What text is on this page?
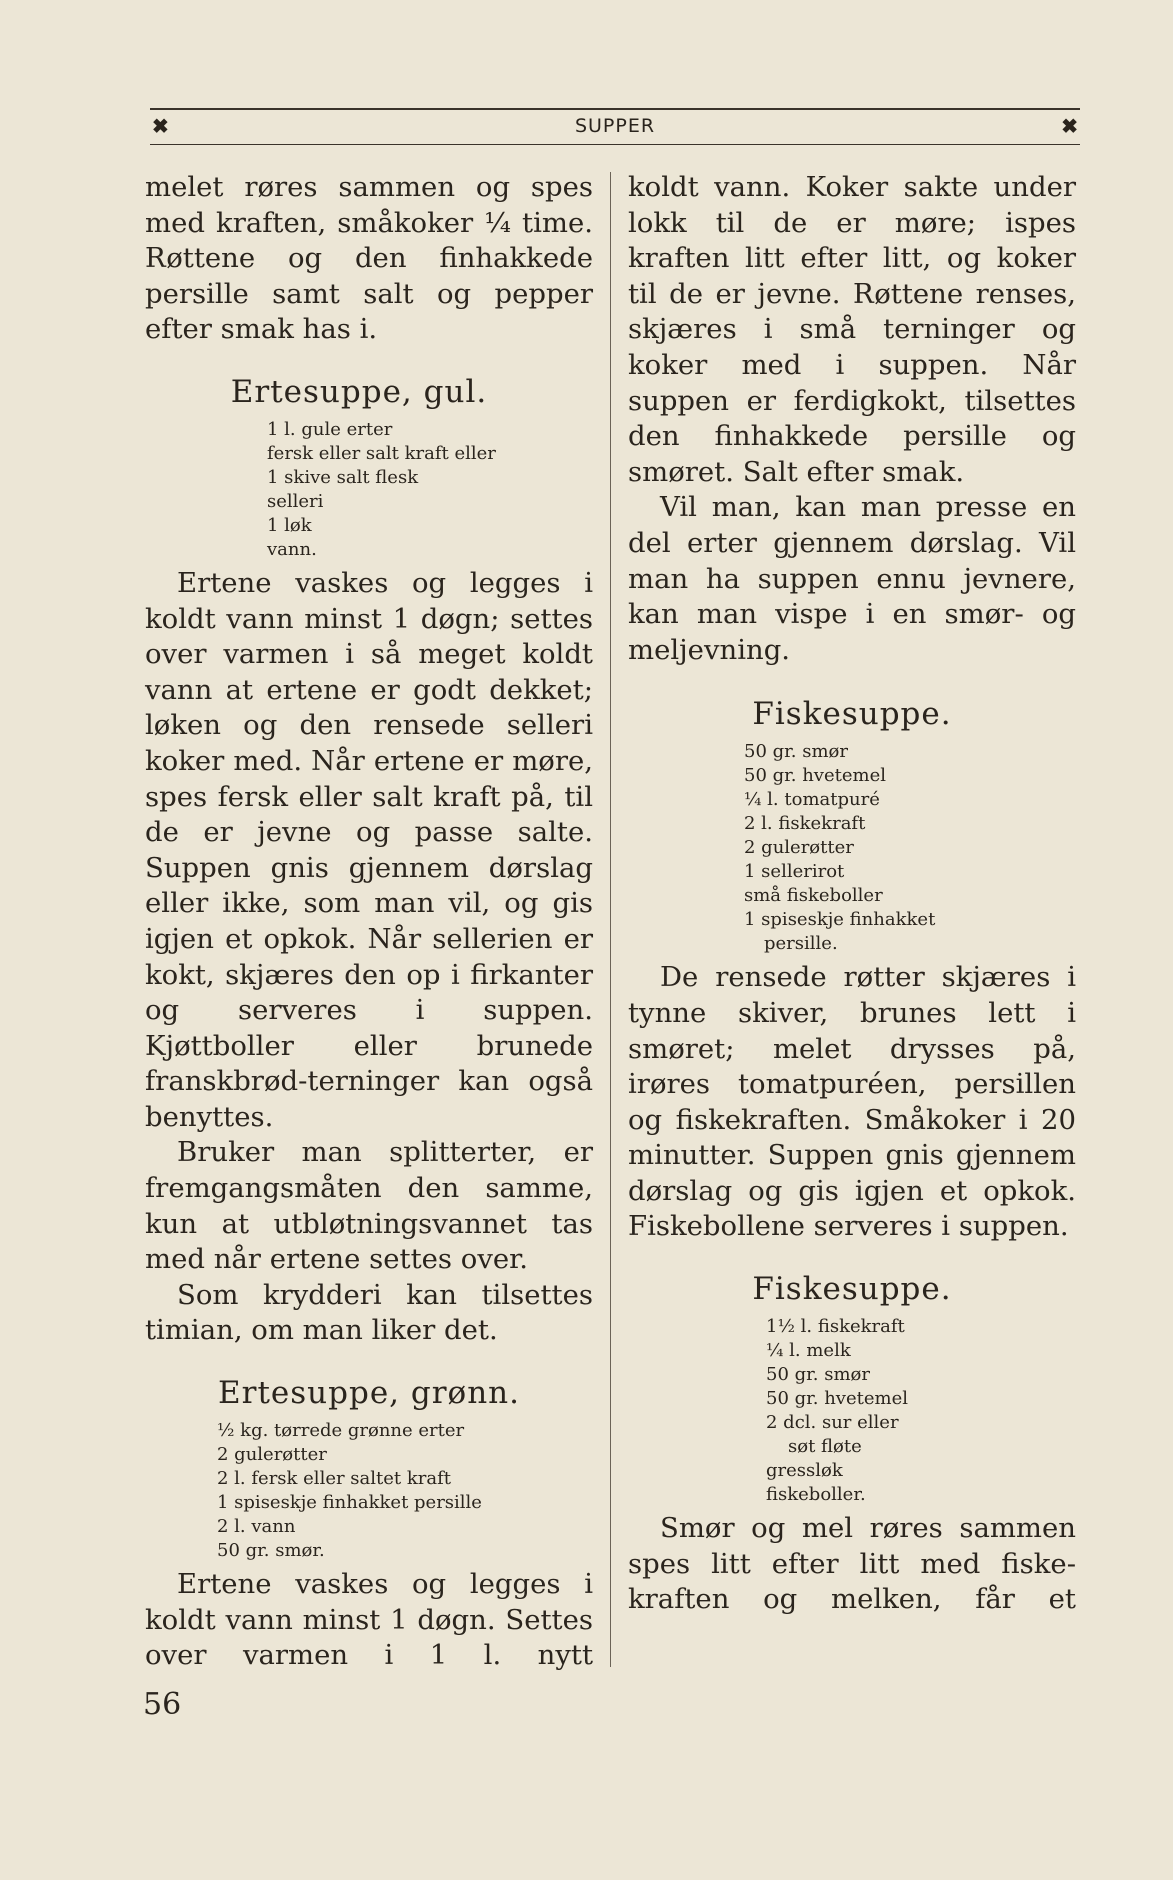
✖	SUPPER	✖

melet røres sammen og spes med kraften, småkoker ¼ time. Røttene og den finhakkede persille samt salt og pepper efter smak has i.

Ertesuppe, gul.
1 l. gule erter
fersk eller salt kraft eller
1 skive salt flesk
selleri
1 løk
vann.

Ertene vaskes og legges i koldt vann minst 1 døgn; settes over varmen i så meget koldt vann at ertene er godt dekket; løken og den rensede selleri koker med. Når ertene er møre, spes fersk eller salt kraft på, til de er jevne og passe salte. Suppen gnis gjennem dørslag eller ikke, som man vil, og gis igjen et opkok. Når sellerien er kokt, skjæres den op i firkanter og serveres i suppen. Kjøttboller eller brunede franskbrød-terninger kan også benyttes.

Bruker man splitterter, er fremgangsmåten den samme, kun at utbløtningsvannet tas med når ertene settes over.

Som krydderi kan tilsettes timian, om man liker det.

Ertesuppe, grønn.
½ kg. tørrede grønne erter
2 gulerøtter
2 l. fersk eller saltet kraft
1 spiseskje finhakket persille
2 l. vann
50 gr. smør.

Ertene vaskes og legges i koldt vann minst 1 døgn. Settes over varmen i 1 l. nytt

koldt vann. Koker sakte under lokk til de er møre; ispes kraften litt efter litt, og koker til de er jevne. Røttene renses, skjæres i små terninger og koker med i suppen. Når suppen er ferdigkokt, tilsettes den finhakkede persille og smøret. Salt efter smak.

Vil man, kan man presse en del erter gjennem dørslag. Vil man ha suppen ennu jevnere, kan man vispe i en smør- og meljevning.

Fiskesuppe.
50 gr. smør
50 gr. hvetemel
¼ l. tomatpuré
2 l. fiskekraft
2 gulerøtter
1 sellerirot
små fiskeboller
1 spiseskje finhakket
persille.

De rensede røtter skjæres i tynne skiver, brunes lett i smøret; melet drysses på, irøres tomatpuréen, persillen og fiskekraften. Småkoker i 20 minutter. Suppen gnis gjennem dørslag og gis igjen et opkok. Fiskebollene serveres i suppen.

Fiskesuppe.
1½ l. fiskekraft
¼ l. melk
50 gr. smør
50 gr. hvetemel
2 dcl. sur eller
søt fløte
gressløk
fiskeboller.

Smør og mel røres sammen spes litt efter litt med fiskekraften og melken, får et

56
